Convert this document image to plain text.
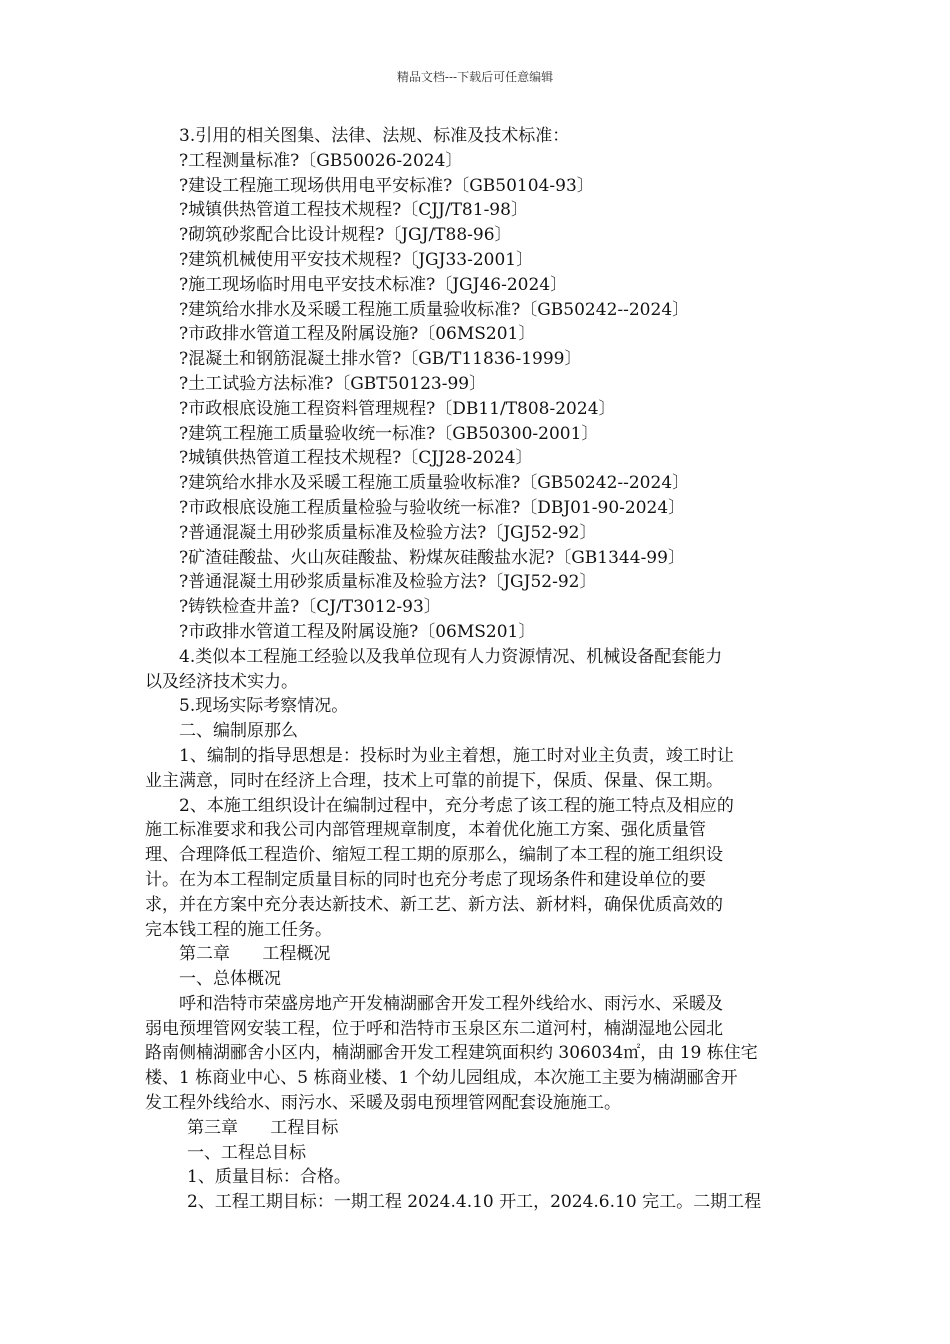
精品文档---下载后可任意编辑
3.引用的相关图集、法律、法规、标准及技术标准：
?工程测量标准?〔GB50026-2024〕
?建设工程施工现场供用电平安标准?〔GB50104-93〕
?城镇供热管道工程技术规程?〔CJJ/T81-98〕
?砌筑砂浆配合比设计规程?〔JGJ/T88-96〕
?建筑机械使用平安技术规程?〔JGJ33-2001〕
?施工现场临时用电平安技术标准?〔JGJ46-2024〕
?建筑给水排水及采暖工程施工质量验收标准?〔GB50242--2024〕
?市政排水管道工程及附属设施?〔06MS201〕
?混凝土和钢筋混凝土排水管?〔GB/T11836-1999〕
?土工试验方法标准?〔GBT50123-99〕
?市政根底设施工程资料管理规程?〔DB11/T808-2024〕
?建筑工程施工质量验收统一标准?〔GB50300-2001〕
?城镇供热管道工程技术规程?〔CJJ28-2024〕
?建筑给水排水及采暖工程施工质量验收标准?〔GB50242--2024〕
?市政根底设施工程质量检验与验收统一标准?〔DBJ01-90-2024〕
?普通混凝土用砂浆质量标准及检验方法?〔JGJ52-92〕
?矿渣硅酸盐、火山灰硅酸盐、粉煤灰硅酸盐水泥?〔GB1344-99〕
?普通混凝土用砂浆质量标准及检验方法?〔JGJ52-92〕
?铸铁检查井盖?〔CJ/T3012-93〕
?市政排水管道工程及附属设施?〔06MS201〕
4.类似本工程施工经验以及我单位现有人力资源情况、机械设备配套能力
以及经济技术实力。
5.现场实际考察情况。
二、编制原那么
1、编制的指导思想是：投标时为业主着想，施工时对业主负责，竣工时让
业主满意，同时在经济上合理，技术上可靠的前提下，保质、保量、保工期。
2、本施工组织设计在编制过程中，充分考虑了该工程的施工特点及相应的
施工标准要求和我公司内部管理规章制度，本着优化施工方案、强化质量管
理、合理降低工程造价、缩短工程工期的原那么，编制了本工程的施工组织设
计。在为本工程制定质量目标的同时也充分考虑了现场条件和建设单位的要
求，并在方案中充分表达新技术、新工艺、新方法、新材料，确保优质高效的
完本钱工程的施工任务。
第二章      工程概况
一、总体概况
呼和浩特市荣盛房地产开发楠湖郦舍开发工程外线给水、雨污水、采暖及
弱电预埋管网安装工程，位于呼和浩特市玉泉区东二道河村，楠湖湿地公园北
路南侧楠湖郦舍小区内，楠湖郦舍开发工程建筑面积约 306034㎡，由 19 栋住宅
楼、1 栋商业中心、5 栋商业楼、1 个幼儿园组成，本次施工主要为楠湖郦舍开
发工程外线给水、雨污水、采暖及弱电预埋管网配套设施施工。
第三章      工程目标
一、工程总目标
1、质量目标：合格。
2、工程工期目标：一期工程 2024.4.10 开工，2024.6.10 完工。二期工程
